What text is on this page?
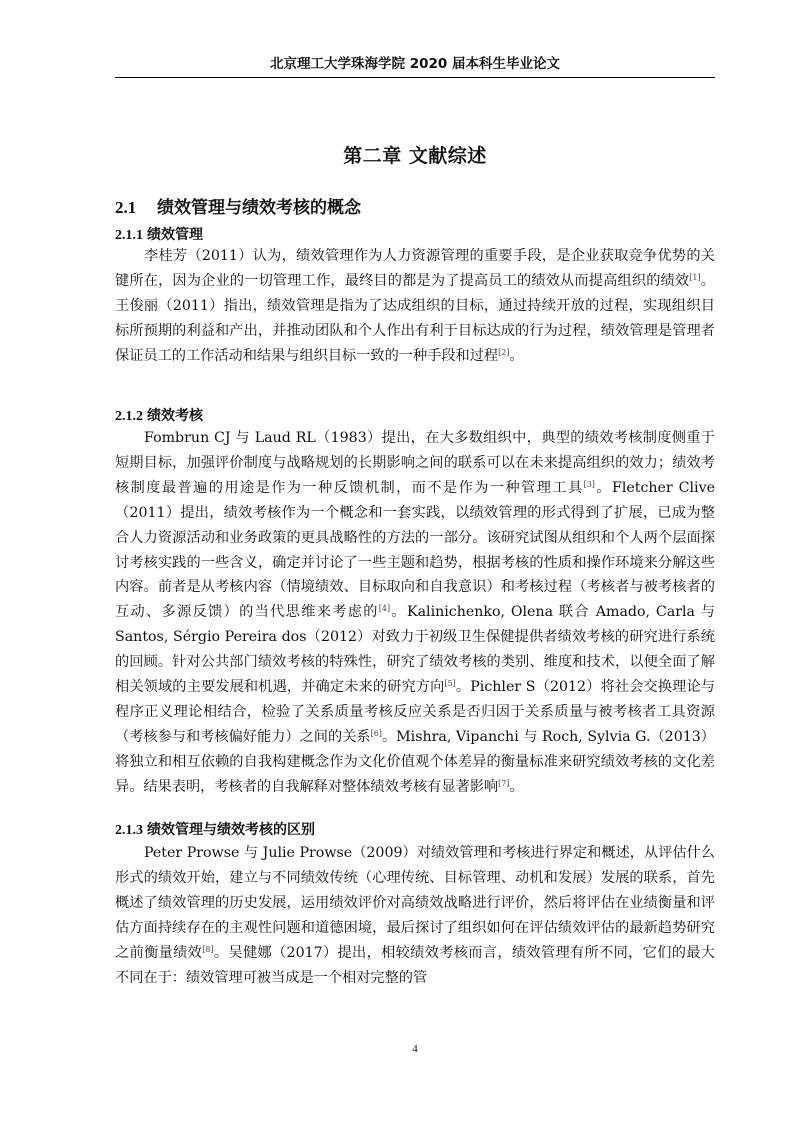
北京理工大学珠海学院 2020 届本科生毕业论文
第二章 文献综述
2.1 绩效管理与绩效考核的概念
2.1.1 绩效管理
李桂芳（2011）认为，绩效管理作为人力资源管理的重要手段，是企业获取竞争优势的关键所在，因为企业的一切管理工作，最终目的都是为了提高员工的绩效从而提高组织的绩效[1]。王俊丽（2011）指出，绩效管理是指为了达成组织的目标，通过持续开放的过程，实现组织目标所预期的利益和产出，并推动团队和个人作出有利于目标达成的行为过程，绩效管理是管理者保证员工的工作活动和结果与组织目标一致的一种手段和过程[2]。
2.1.2 绩效考核
Fombrun CJ 与 Laud RL（1983）提出，在大多数组织中，典型的绩效考核制度侧重于短期目标，加强评价制度与战略规划的长期影响之间的联系可以在未来提高组织的效力；绩效考核制度最普遍的用途是作为一种反馈机制，而不是作为一种管理工具[3]。Fletcher Clive（2011）提出，绩效考核作为一个概念和一套实践，以绩效管理的形式得到了扩展，已成为整合人力资源活动和业务政策的更具战略性的方法的一部分。该研究试图从组织和个人两个层面探讨考核实践的一些含义，确定并讨论了一些主题和趋势，根据考核的性质和操作环境来分解这些内容。前者是从考核内容（情境绩效、目标取向和自我意识）和考核过程（考核者与被考核者的互动、多源反馈）的当代思维来考虑的[4]。Kalinichenko, Olena 联合 Amado, Carla 与 Santos, Sérgio Pereira dos（2012）对致力于初级卫生保健提供者绩效考核的研究进行系统的回顾。针对公共部门绩效考核的特殊性，研究了绩效考核的类别、维度和技术，以便全面了解相关领域的主要发展和机遇，并确定未来的研究方向[5]。Pichler S（2012）将社会交换理论与程序正义理论相结合，检验了关系质量考核反应关系是否归因于关系质量与被考核者工具资源（考核参与和考核偏好能力）之间的关系[6]。Mishra, Vipanchi 与 Roch, Sylvia G.（2013）将独立和相互依赖的自我构建概念作为文化价值观个体差异的衡量标准来研究绩效考核的文化差异。结果表明，考核者的自我解释对整体绩效考核有显著影响[7]。
2.1.3 绩效管理与绩效考核的区别
Peter Prowse 与 Julie Prowse（2009）对绩效管理和考核进行界定和概述，从评估什么形式的绩效开始，建立与不同绩效传统（心理传统、目标管理、动机和发展）发展的联系，首先概述了绩效管理的历史发展，运用绩效评价对高绩效战略进行评价，然后将评估在业绩衡量和评估方面持续存在的主观性问题和道德困境，最后探讨了组织如何在评估绩效评估的最新趋势研究之前衡量绩效[8]。吴健娜（2017）提出，相较绩效考核而言，绩效管理有所不同，它们的最大不同在于：绩效管理可被当成是一个相对完整的管
4
